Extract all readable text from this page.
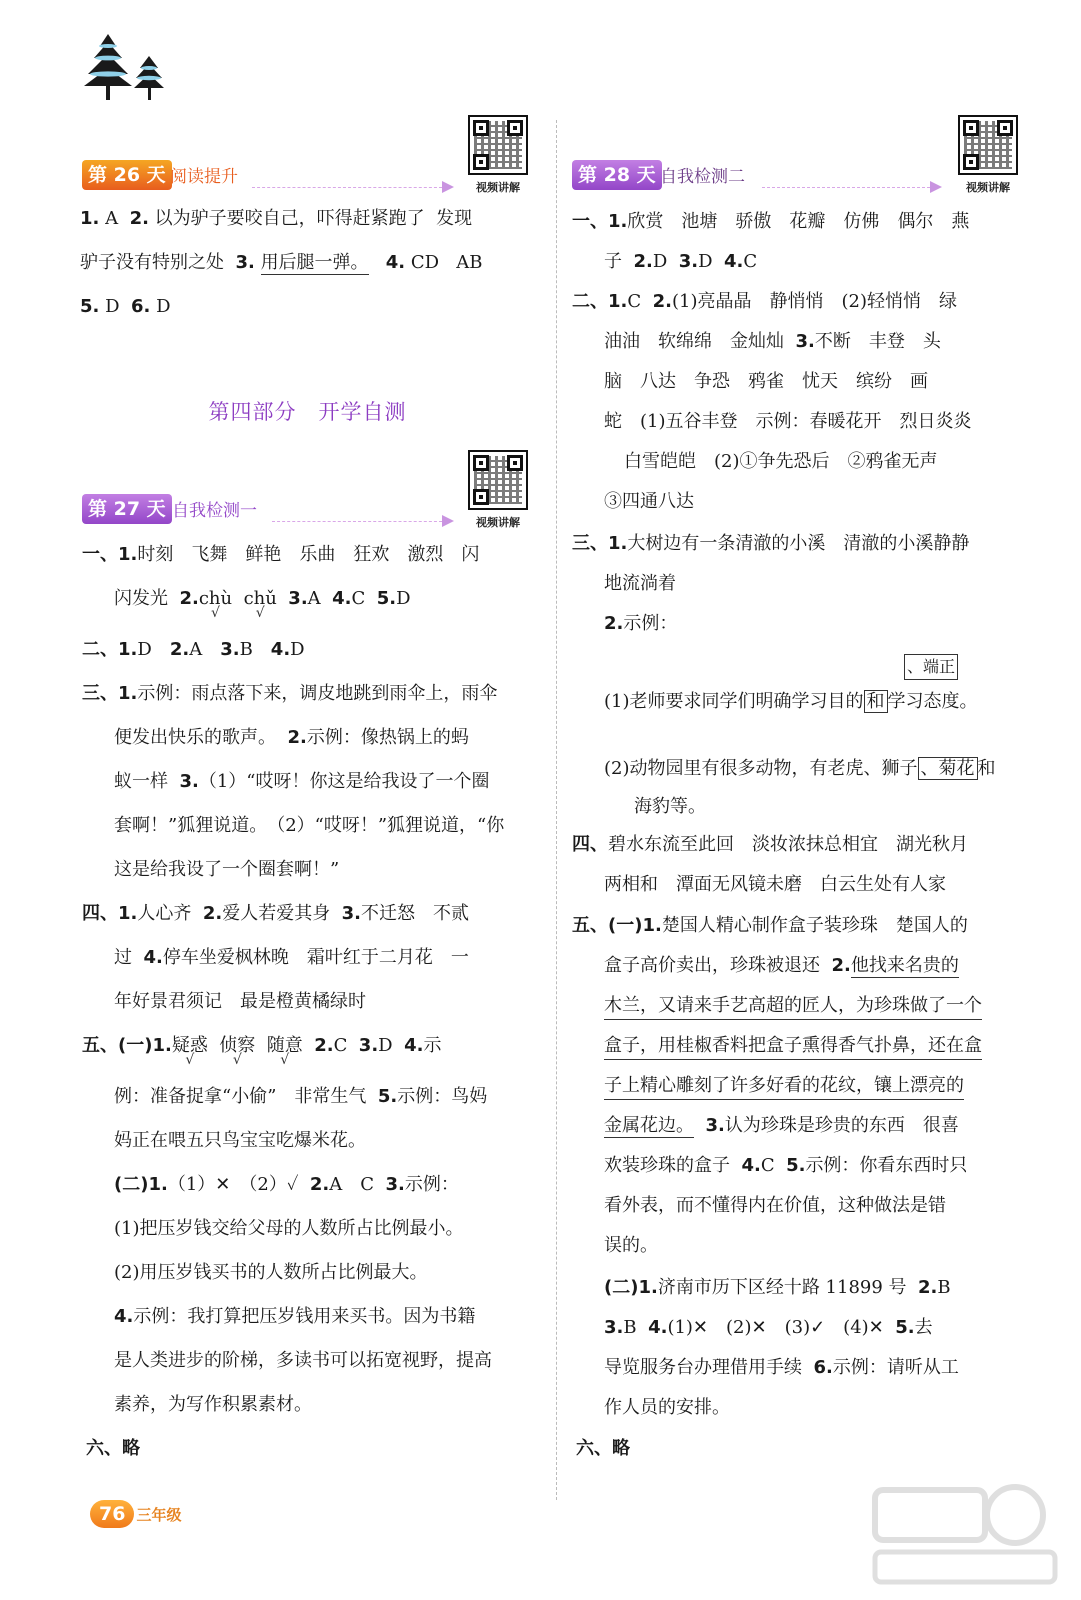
视频讲解
视频讲解
视频讲解
第 26 天 阅读提升
1. A 2. 以为驴子要咬自己，吓得赶紧跑了 发现
驴子没有特别之处 3. 用后腿一弹。 4. CD AB
5. D 6. D
第四部分　开学自测
第 27 天 自我检测一
一、1.时刻　飞舞　鲜艳　乐曲　狂欢　激烈　闪
闪发光 2.chù √ chǔ √ 3.A 4.C 5.D
二、1.D　2.A　3.B　4.D
三、1.示例：雨点落下来，调皮地跳到雨伞上，雨伞
便发出快乐的歌声。 2.示例：像热锅上的蚂
蚁一样 3.（1）“哎呀！你这是给我设了一个圈
套啊！”狐狸说道。　（2）“哎呀！”狐狸说道，“你
这是给我设了一个圈套啊！”
四、1.人心齐 2.爱人若爱其身 3.不迁怒　不贰
过 4.停车坐爱枫林晚　霜叶红于二月花　一
年好景君须记　最是橙黄橘绿时
五、(一)1.疑惑 √ 侦察 √ 随意 √ 2.C 3.D 4.示
例：准备捉拿“小偷”　非常生气 5.示例：鸟妈
妈正在喂五只鸟宝宝吃爆米花。
(二)1.（1）✕　（2）✓ 2.A　C 3.示例：
(1)把压岁钱交给父母的人数所占比例最小。
(2)用压岁钱买书的人数所占比例最大。
4.示例：我打算把压岁钱用来买书。因为书籍
是人类进步的阶梯，多读书可以拓宽视野，提高
素养，为写作积累素材。
六、略
第 28 天 自我检测二
一、1.欣赏　池塘　骄傲　花瓣　仿佛　偶尔　燕
子 2.D 3.D 4.C
二、1.C 2.(1)亮晶晶　静悄悄　(2)轻悄悄　绿
油油　软绵绵　金灿灿 3.不断　丰登　头
脑　八达　争恐　鸦雀　忧天　缤纷　画
蛇　(1)五谷丰登　示例：春暖花开　烈日炎炎
白雪皑皑　(2)①争先恐后　②鸦雀无声
③四通八达
三、1.大树边有一条清澈的小溪　清澈的小溪静静
地流淌着
2.示例：
、端正
(1)老师要求同学们明确学习目的 和 学习态度。
(2)动物园里有很多动物，有老虎、狮子 、菊花 和
海豹等。
四、碧水东流至此回　淡妆浓抹总相宜　湖光秋月
两相和　潭面无风镜未磨　白云生处有人家
五、(一)1.楚国人精心制作盒子装珍珠　楚国人的
盒子高价卖出，珍珠被退还 2.他找来名贵的
木兰，又请来手艺高超的匠人，为珍珠做了一个
盒子，用桂椒香料把盒子熏得香气扑鼻，还在盒
子上精心雕刻了许多好看的花纹，镶上漂亮的
金属花边。 3.认为珍珠是珍贵的东西　很喜
欢装珍珠的盒子 4.C 5.示例：你看东西时只
看外表，而不懂得内在价值，这种做法是错
误的。
(二)1.济南市历下区经十路 11899 号 2.B
3.B 4.(1)✕　(2)✕　(3)✓　(4)✕ 5.去
导览服务台办理借用手续 6.示例：请听从工
作人员的安排。
六、略
76 三年级
